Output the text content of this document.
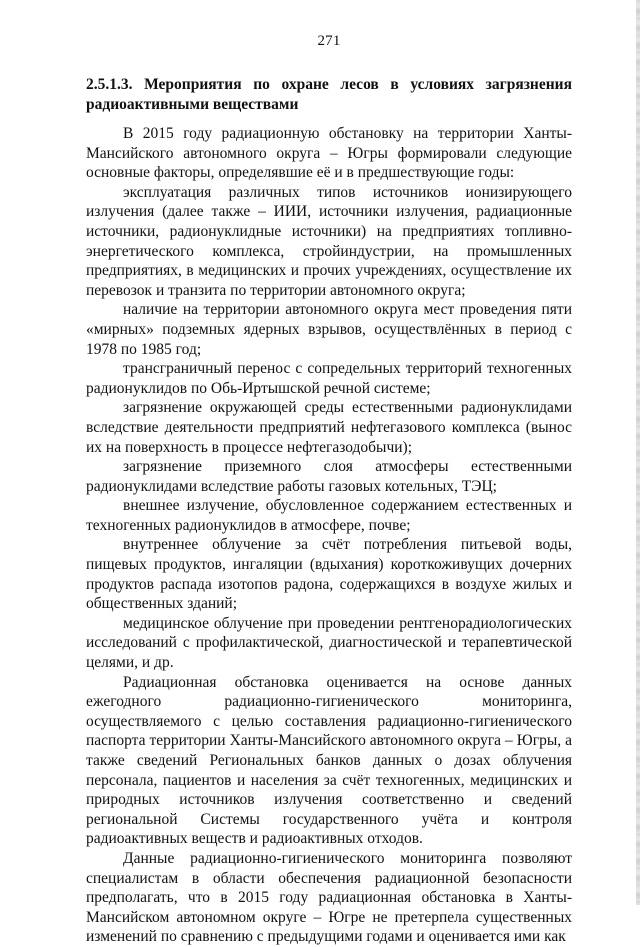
271
2.5.1.3. Мероприятия по охране лесов в условиях загрязнения радиоактивными веществами

В 2015 году радиационную обстановку на территории Ханты-Мансийского автономного округа – Югры формировали следующие основные факторы, определявшие её и в предшествующие годы:

эксплуатация различных типов источников ионизирующего излучения (далее также – ИИИ, источники излучения, радиационные источники, радионуклидные источники) на предприятиях топливно-энергетического комплекса, стройиндустрии, на промышленных предприятиях, в медицинских и прочих учреждениях, осуществление их перевозок и транзита по территории автономного округа;

наличие на территории автономного округа мест проведения пяти «мирных» подземных ядерных взрывов, осуществлённых в период с 1978 по 1985 год;

трансграничный перенос с сопредельных территорий техногенных радионуклидов по Обь-Иртышской речной системе;

загрязнение окружающей среды естественными радионуклидами вследствие деятельности предприятий нефтегазового комплекса (вынос их на поверхность в процессе нефтегазодобычи);

загрязнение приземного слоя атмосферы естественными радионуклидами вследствие работы газовых котельных, ТЭЦ;

внешнее излучение, обусловленное содержанием естественных и техногенных радионуклидов в атмосфере, почве;

внутреннее облучение за счёт потребления питьевой воды, пищевых продуктов, ингаляции (вдыхания) короткоживущих дочерних продуктов распада изотопов радона, содержащихся в воздухе жилых и общественных зданий;

медицинское облучение при проведении рентгенорадиологических исследований с профилактической, диагностической и терапевтической целями, и др.

Радиационная обстановка оценивается на основе данных ежегодного радиационно-гигиенического мониторинга, осуществляемого с целью составления радиационно-гигиенического паспорта территории Ханты-Мансийского автономного округа – Югры, а также сведений Региональных банков данных о дозах облучения персонала, пациентов и населения за счёт техногенных, медицинских и природных источников излучения соответственно и сведений региональной Системы государственного учёта и контроля радиоактивных веществ и радиоактивных отходов.

Данные радиационно-гигиенического мониторинга позволяют специалистам в области обеспечения радиационной безопасности предполагать, что в 2015 году радиационная обстановка в Ханты-Мансийском автономном округе – Югре не претерпела существенных изменений по сравнению с предыдущими годами и оценивается ими как
